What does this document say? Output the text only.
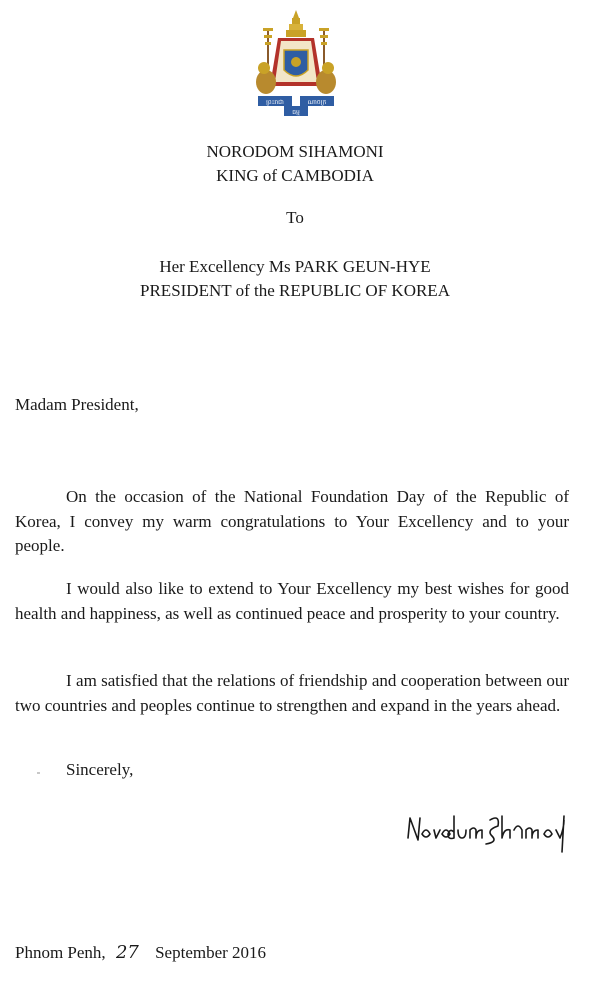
ព្រះរាជា	ណាចក្រ
ធម្ម
NORODOM SIHAMONI
KING of CAMBODIA
To
Her Excellency Ms PARK GEUN-HYE
PRESIDENT of the REPUBLIC OF KOREA
Madam President,

On the occasion of the National Foundation Day of the Republic of Korea, I convey my warm congratulations to Your Excellency and to your people.

I would also like to extend to Your Excellency my best wishes for good health and happiness, as well as continued peace and prosperity to your country.

I am satisfied that the relations of friendship and cooperation between our two countries and peoples continue to strengthen and expand in the years ahead.

Sincerely,
Phnom Penh, 27 September 2016
